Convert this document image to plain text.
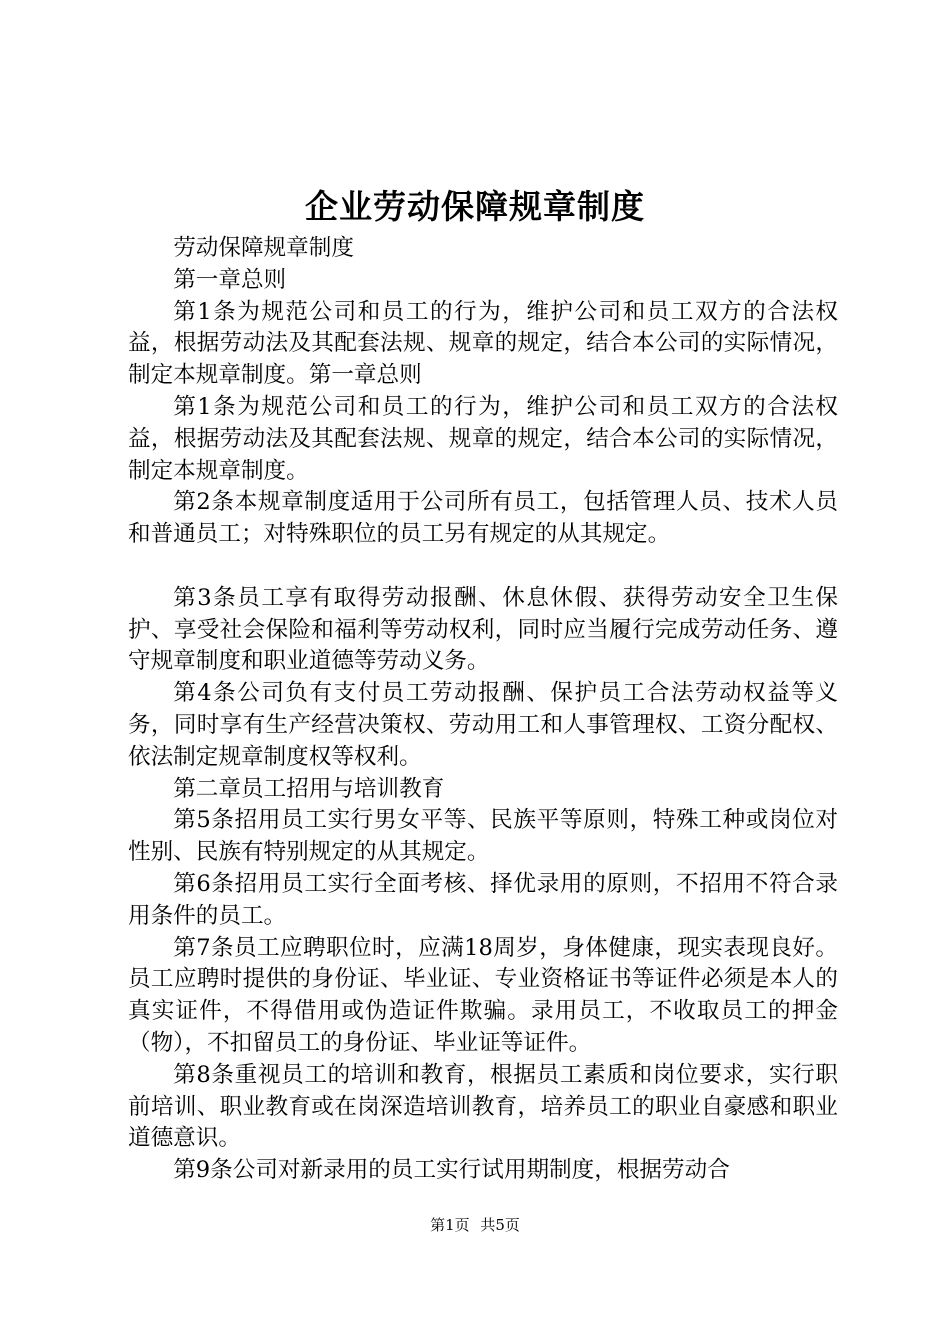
企业劳动保障规章制度

劳动保障规章制度

第一章总则

第1条为规范公司和员工的行为，维护公司和员工双方的合法权益，根据劳动法及其配套法规、规章的规定，结合本公司的实际情况，制定本规章制度。第一章总则

第1条为规范公司和员工的行为，维护公司和员工双方的合法权益，根据劳动法及其配套法规、规章的规定，结合本公司的实际情况，制定本规章制度。

第2条本规章制度适用于公司所有员工，包括管理人员、技术人员和普通员工；对特殊职位的员工另有规定的从其规定。

第3条员工享有取得劳动报酬、休息休假、获得劳动安全卫生保护、享受社会保险和福利等劳动权利，同时应当履行完成劳动任务、遵守规章制度和职业道德等劳动义务。

第4条公司负有支付员工劳动报酬、保护员工合法劳动权益等义务，同时享有生产经营决策权、劳动用工和人事管理权、工资分配权、依法制定规章制度权等权利。

第二章员工招用与培训教育

第5条招用员工实行男女平等、民族平等原则，特殊工种或岗位对性别、民族有特别规定的从其规定。

第6条招用员工实行全面考核、择优录用的原则，不招用不符合录用条件的员工。

第7条员工应聘职位时，应满18周岁，身体健康，现实表现良好。员工应聘时提供的身份证、毕业证、专业资格证书等证件必须是本人的真实证件，不得借用或伪造证件欺骗。录用员工，不收取员工的押金（物），不扣留员工的身份证、毕业证等证件。

第8条重视员工的培训和教育，根据员工素质和岗位要求，实行职前培训、职业教育或在岗深造培训教育，培养员工的职业自豪感和职业道德意识。

第9条公司对新录用的员工实行试用期制度，根据劳动合

第1页 共5页
